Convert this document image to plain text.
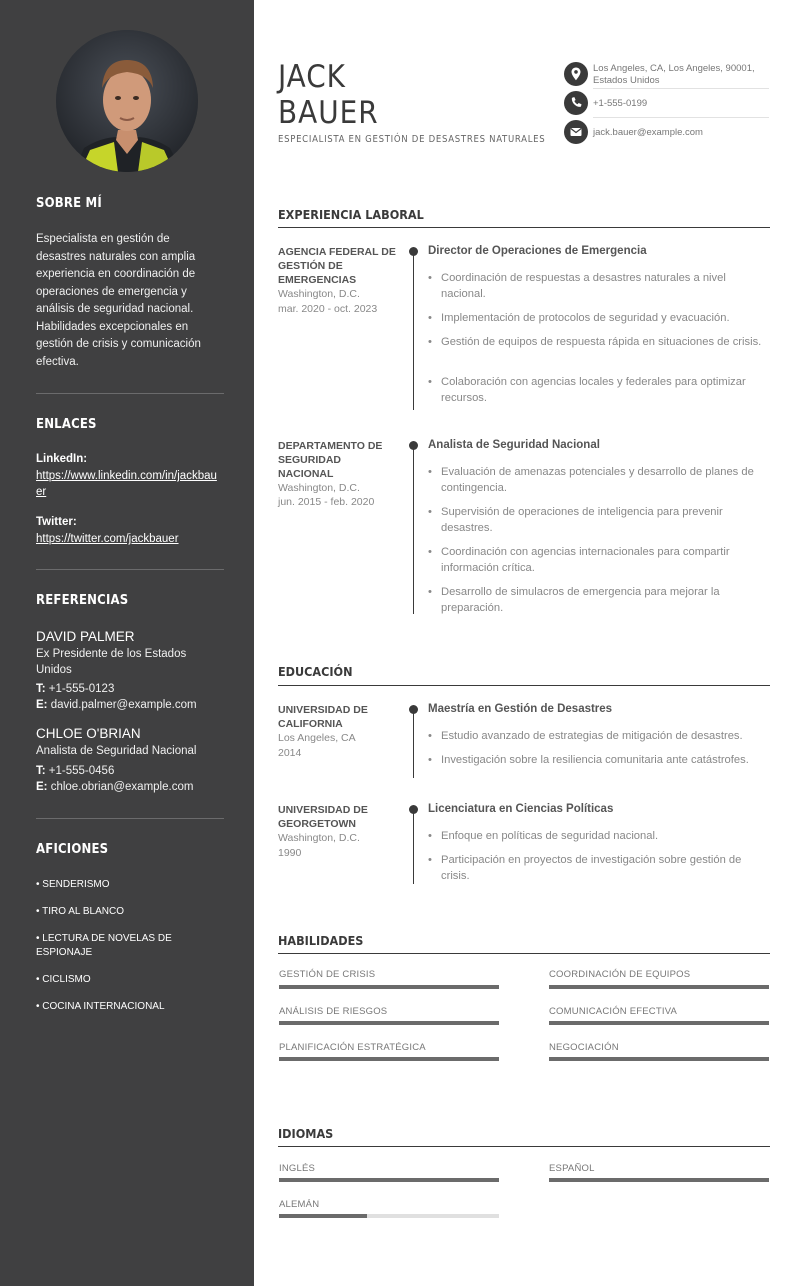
SOBRE MÍ
Especialista en gestión de desastres naturales con amplia experiencia en coordinación de operaciones de emergencia y análisis de seguridad nacional. Habilidades excepcionales en gestión de crisis y comunicación efectiva.
ENLACES
LinkedIn:
https://www.linkedin.com/in/jackbauer
Twitter:
https://twitter.com/jackbauer
REFERENCIAS
DAVID PALMER
Ex Presidente de los Estados Unidos
T: +1-555-0123
E: david.palmer@example.com
CHLOE O'BRIAN
Analista de Seguridad Nacional
T: +1-555-0456
E: chloe.obrian@example.com
AFICIONES
• SENDERISMO
• TIRO AL BLANCO
• LECTURA DE NOVELAS DE ESPIONAJE
• CICLISMO
• COCINA INTERNACIONAL
JACK
BAUER
ESPECIALISTA EN GESTIÓN DE DESASTRES NATURALES
Los Angeles, CA, Los Angeles, 90001, Estados Unidos
+1-555-0199
jack.bauer@example.com
EXPERIENCIA LABORAL
AGENCIA FEDERAL DE GESTIÓN DE EMERGENCIAS
Washington, D.C.
mar. 2020 - oct. 2023
Director de Operaciones de Emergencia
• Coordinación de respuestas a desastres naturales a nivel nacional.
• Implementación de protocolos de seguridad y evacuación.
• Gestión de equipos de respuesta rápida en situaciones de crisis.
• Colaboración con agencias locales y federales para optimizar recursos.
DEPARTAMENTO DE SEGURIDAD NACIONAL
Washington, D.C.
jun. 2015 - feb. 2020
Analista de Seguridad Nacional
• Evaluación de amenazas potenciales y desarrollo de planes de contingencia.
• Supervisión de operaciones de inteligencia para prevenir desastres.
• Coordinación con agencias internacionales para compartir información crítica.
• Desarrollo de simulacros de emergencia para mejorar la preparación.
EDUCACIÓN
UNIVERSIDAD DE CALIFORNIA
Los Angeles, CA
2014
Maestría en Gestión de Desastres
• Estudio avanzado de estrategias de mitigación de desastres.
• Investigación sobre la resiliencia comunitaria ante catástrofes.
UNIVERSIDAD DE GEORGETOWN
Washington, D.C.
1990
Licenciatura en Ciencias Políticas
• Enfoque en políticas de seguridad nacional.
• Participación en proyectos de investigación sobre gestión de crisis.
HABILIDADES
GESTIÓN DE CRISIS	COORDINACIÓN DE EQUIPOS
ANÁLISIS DE RIESGOS	COMUNICACIÓN EFECTIVA
PLANIFICACIÓN ESTRATÉGICA	NEGOCIACIÓN
IDIOMAS
INGLÉS	ESPAÑOL
ALEMÁN
